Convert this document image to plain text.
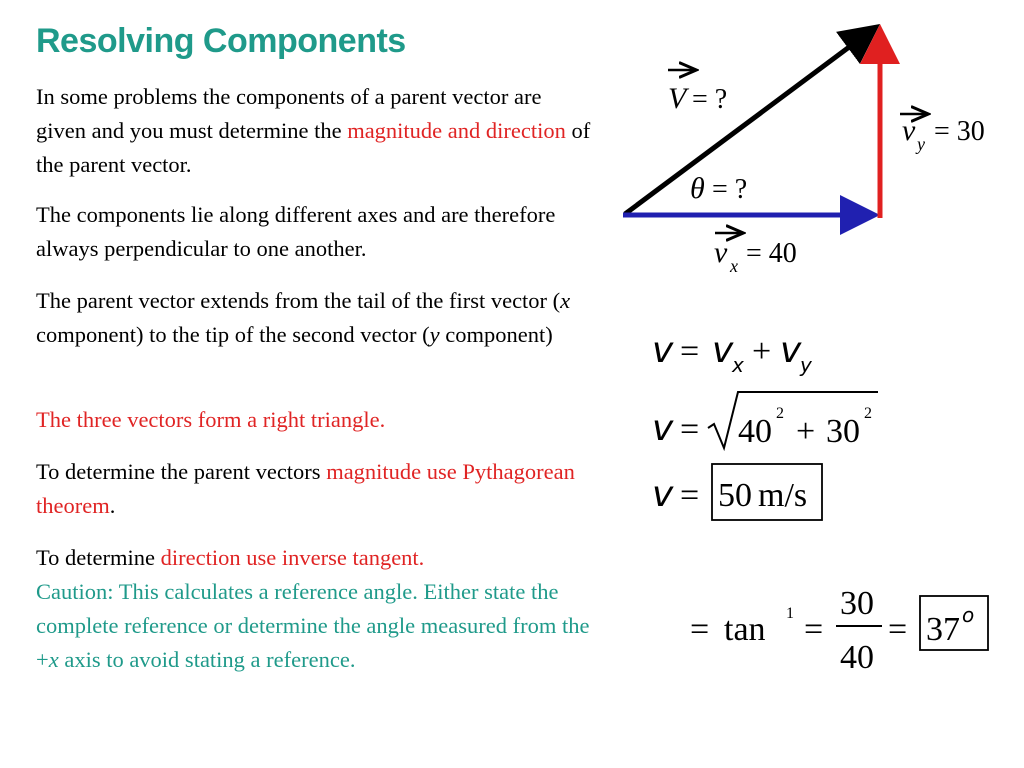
Resolving Components
In some problems the components of a parent vector are given and you must determine the magnitude and direction of the parent vector.
The components lie along different axes and are therefore always perpendicular to one another.
The parent vector extends from the tail of the first vector (x component) to the tip of the second vector (y component)
The three vectors form a right triangle.
To determine the parent vectors magnitude use Pythagorean theorem.
To determine direction use inverse tangent.
Caution: This calculates a reference angle. Either state the complete reference or determine the angle measured from the +x axis to avoid stating a reference.
V = ?
v y = 30
θ = ?
v x = 40
v = v
x + v
y
v = 40 2 + 30 2
v = 50 m/s
= tan 1 =
30
40
= 37 o
